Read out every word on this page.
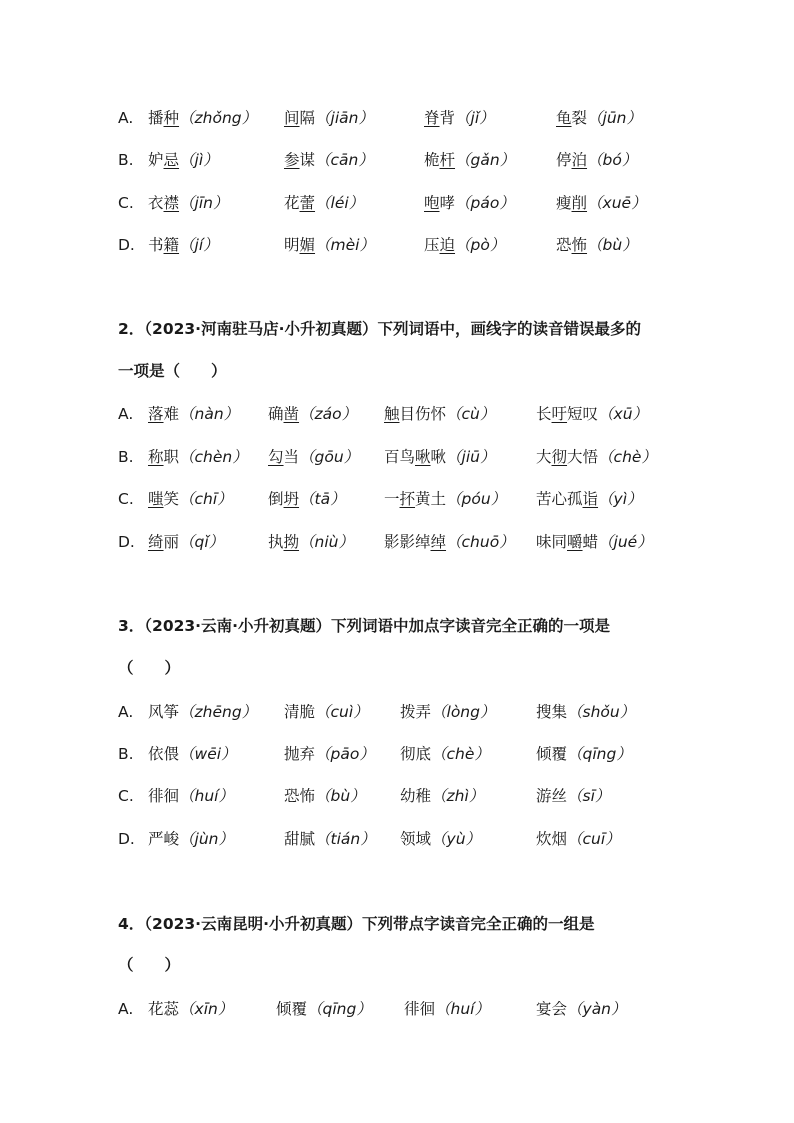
A. 播种（zhǒng） 间隔（jiān）	脊背（jǐ）	龟裂（jūn）
B. 妒忌（jì）	参谋（cān）	桅杆（gǎn）	停泊（bó）
C. 衣襟（jīn）	花蕾（léi）	咆哮（páo）	瘦削（xuē）
D. 书籍（jí）	明媚（mèi）	压迫（pò）	恐怖（bù）
2．（2023·河南驻马店·小升初真题）下列词语中，画线字的读音错误最多的
一项是（　　）
A. 落难（nàn） 确凿（záo） 触目伤怀（cù）	长吁短叹（xū）
B. 称职（chèn） 勾当（gōu） 百鸟啾啾（jiū）	大彻大悟（chè）
C. 嗤笑（chī） 倒坍（tā） 一抔黄土（póu） 苦心孤诣（yì）
D. 绮丽（qǐ）	执拗（niù） 影影绰绰（chuō） 味同嚼蜡（jué）
3．（2023·云南·小升初真题）下列词语中加点字读音完全正确的一项是
（　　）
A. 风筝（zhēng） 清脆（cuì） 拨弄（lòng）	搜集（shǒu）
B. 依偎（wēi）	抛弃（pāo） 彻底（chè）	倾覆（qīng）
C. 徘徊（huí）	恐怖（bù） 幼稚（zhì）	游丝（sī）
D. 严峻（jùn）	甜腻（tián） 领域（yù）	炊烟（cuī）
4．（2023·云南昆明·小升初真题）下列带点字读音完全正确的一组是
（　　）
A. 花蕊（xīn）	倾覆（qīng） 徘徊（huí）	宴会（yàn）
